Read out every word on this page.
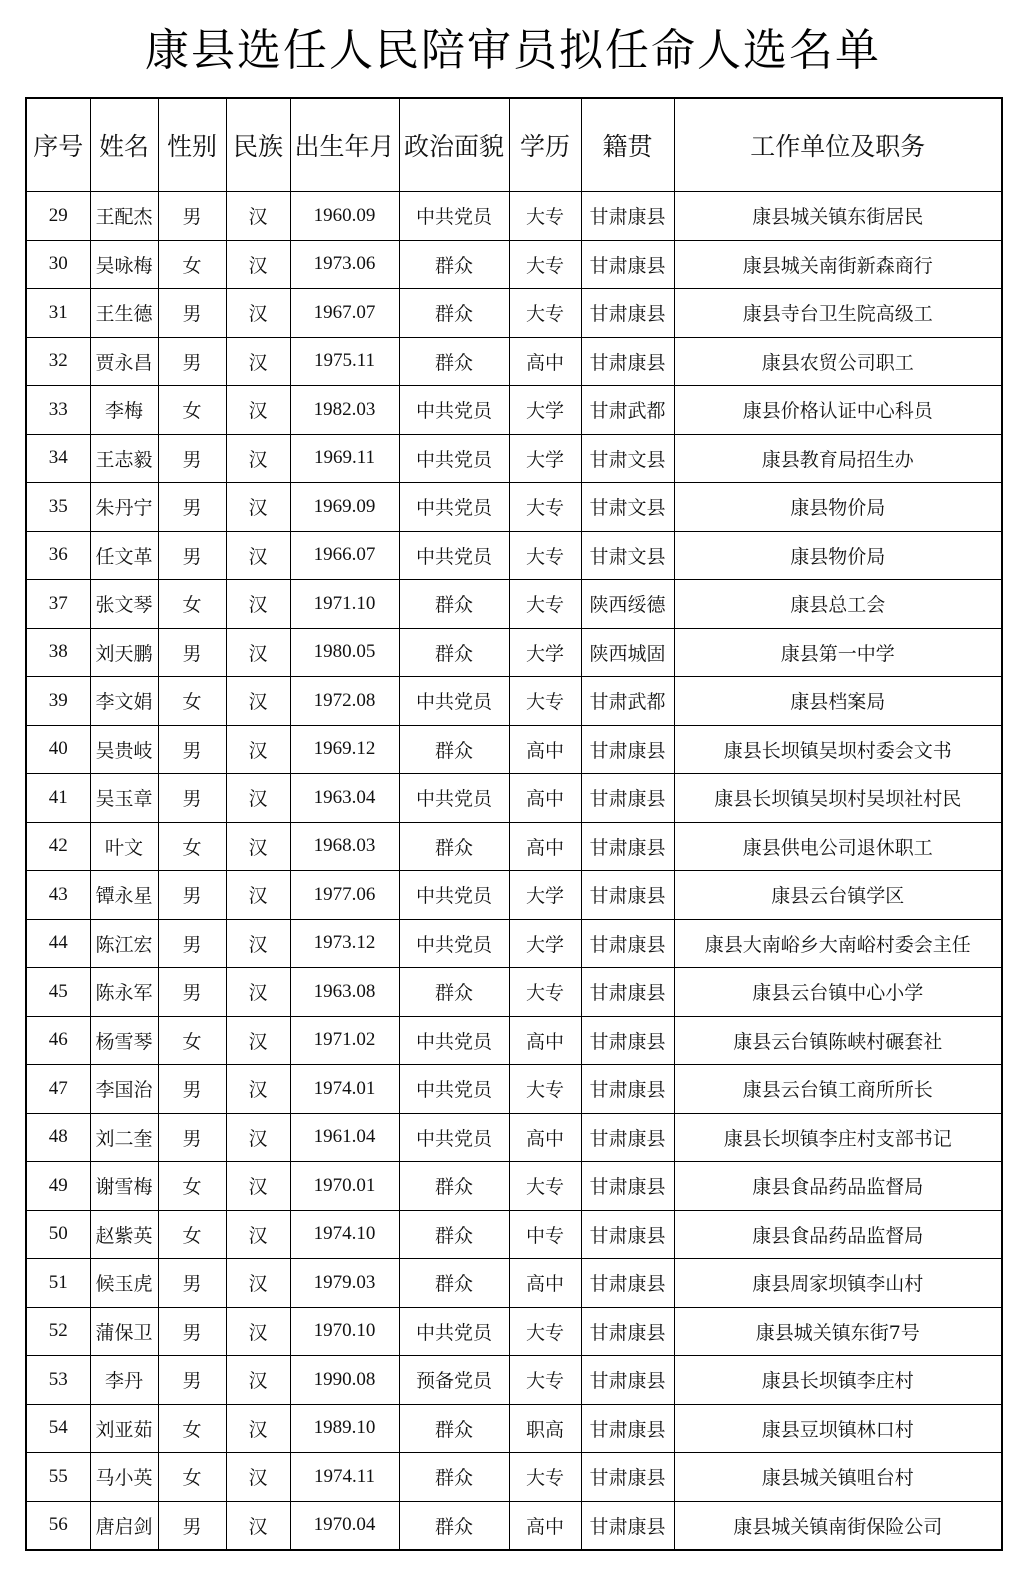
康县选任人民陪审员拟任命人选名单
序号	姓名	性别	民族	出生年月	政治面貌	学历	籍贯	工作单位及职务
29	王配杰	男	汉	1960.09	中共党员	大专	甘肃康县	康县城关镇东街居民
30	吴咏梅	女	汉	1973.06	群众	大专	甘肃康县	康县城关南街新森商行
31	王生德	男	汉	1967.07	群众	大专	甘肃康县	康县寺台卫生院高级工
32	贾永昌	男	汉	1975.11	群众	高中	甘肃康县	康县农贸公司职工
33	李梅	女	汉	1982.03	中共党员	大学	甘肃武都	康县价格认证中心科员
34	王志毅	男	汉	1969.11	中共党员	大学	甘肃文县	康县教育局招生办
35	朱丹宁	男	汉	1969.09	中共党员	大专	甘肃文县	康县物价局
36	任文革	男	汉	1966.07	中共党员	大专	甘肃文县	康县物价局
37	张文琴	女	汉	1971.10	群众	大专	陕西绥德	康县总工会
38	刘天鹏	男	汉	1980.05	群众	大学	陕西城固	康县第一中学
39	李文娟	女	汉	1972.08	中共党员	大专	甘肃武都	康县档案局
40	吴贵岐	男	汉	1969.12	群众	高中	甘肃康县	康县长坝镇吴坝村委会文书
41	吴玉章	男	汉	1963.04	中共党员	高中	甘肃康县	康县长坝镇吴坝村吴坝社村民
42	叶文	女	汉	1968.03	群众	高中	甘肃康县	康县供电公司退休职工
43	镡永星	男	汉	1977.06	中共党员	大学	甘肃康县	康县云台镇学区
44	陈江宏	男	汉	1973.12	中共党员	大学	甘肃康县	康县大南峪乡大南峪村委会主任
45	陈永军	男	汉	1963.08	群众	大专	甘肃康县	康县云台镇中心小学
46	杨雪琴	女	汉	1971.02	中共党员	高中	甘肃康县	康县云台镇陈峡村碾套社
47	李国治	男	汉	1974.01	中共党员	大专	甘肃康县	康县云台镇工商所所长
48	刘二奎	男	汉	1961.04	中共党员	高中	甘肃康县	康县长坝镇李庄村支部书记
49	谢雪梅	女	汉	1970.01	群众	大专	甘肃康县	康县食品药品监督局
50	赵紫英	女	汉	1974.10	群众	中专	甘肃康县	康县食品药品监督局
51	候玉虎	男	汉	1979.03	群众	高中	甘肃康县	康县周家坝镇李山村
52	蒲保卫	男	汉	1970.10	中共党员	大专	甘肃康县	康县城关镇东街7号
53	李丹	男	汉	1990.08	预备党员	大专	甘肃康县	康县长坝镇李庄村
54	刘亚茹	女	汉	1989.10	群众	职高	甘肃康县	康县豆坝镇林口村
55	马小英	女	汉	1974.11	群众	大专	甘肃康县	康县城关镇咀台村
56	唐启剑	男	汉	1970.04	群众	高中	甘肃康县	康县城关镇南街保险公司
